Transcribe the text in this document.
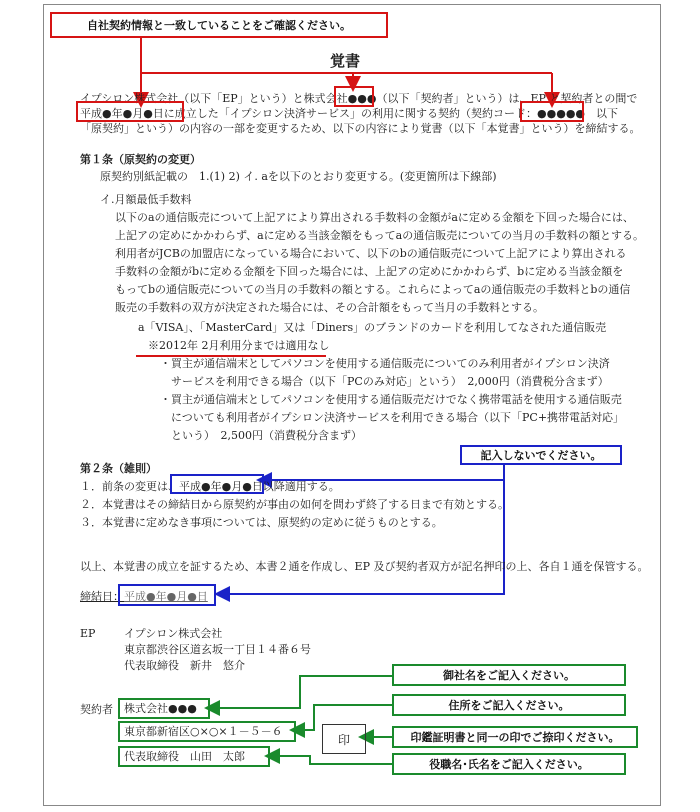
自社契約情報と一致していることをご確認ください。
覚書
イプシロン株式会社（以下「EP」という）と株式会社●●●（以下「契約者」という）は、EP と契約者との間で
平成●年●月●日に成立した「イプシロン決済サービス」の利用に関する契約（契約コード：●●●●●　以下
「原契約」という）の内容の一部を変更するため、以下の内容により覚書（以下「本覚書」という）を締結する。
第１条（原契約の変更）
原契約別紙記載の　1.(1) 2) イ. aを以下のとおり変更する。(変更箇所は下線部)
イ.月額最低手数料
以下のaの通信販売について上記アにより算出される手数料の金額がaに定める金額を下回った場合には、
上記アの定めにかかわらず、aに定める当該金額をもってaの通信販売についての当月の手数料の額とする。
利用者がJCBの加盟店になっている場合において、以下のbの通信販売について上記アにより算出される
手数料の金額がbに定める金額を下回った場合には、上記アの定めにかかわらず、bに定める当該金額を
もってbの通信販売についての当月の手数料の額とする。これらによってaの通信販売の手数料とbの通信
販売の手数料の双方が決定された場合には、その合計額をもって当月の手数料とする。
a「VISA」、「MasterCard」又は「Diners」のブランドのカードを利用してなされた通信販売
※2012年 2月利用分までは適用なし
・買主が通信端末としてパソコンを使用する通信販売についてのみ利用者がイプシロン決済
　サービスを利用できる場合（以下「PCのみ対応」という）　2,000円（消費税分含まず）
・買主が通信端末としてパソコンを使用する通信販売だけでなく携帯電話を使用する通信販売
　についても利用者がイプシロン決済サービスを利用できる場合（以下「PC+携帯電話対応」
　という）　2,500円（消費税分含まず）
記入しないでください。
第２条（雑則）
１．前条の変更は、平成●年●月●日以降適用する。
２．本覚書はその締結日から原契約が事由の如何を問わず終了する日まで有効とする。
３．本覚書に定めなき事項については、原契約の定めに従うものとする。
以上、本覚書の成立を証するため、本書２通を作成し、EP 及び契約者双方が記名押印の上、各自１通を保管する。
締結日： 平成●年●月●日
EP	イプシロン株式会社
東京都渋谷区道玄坂一丁目１４番６号
代表取締役　新井　悠介
契約者 株式会社●●●
東京都新宿区○×○×１－５－６
代表取締役　山田　太郎
印
御社名をご記入ください。
住所をご記入ください。
印鑑証明書と同一の印でご捺印ください。
役職名･氏名をご記入ください。
